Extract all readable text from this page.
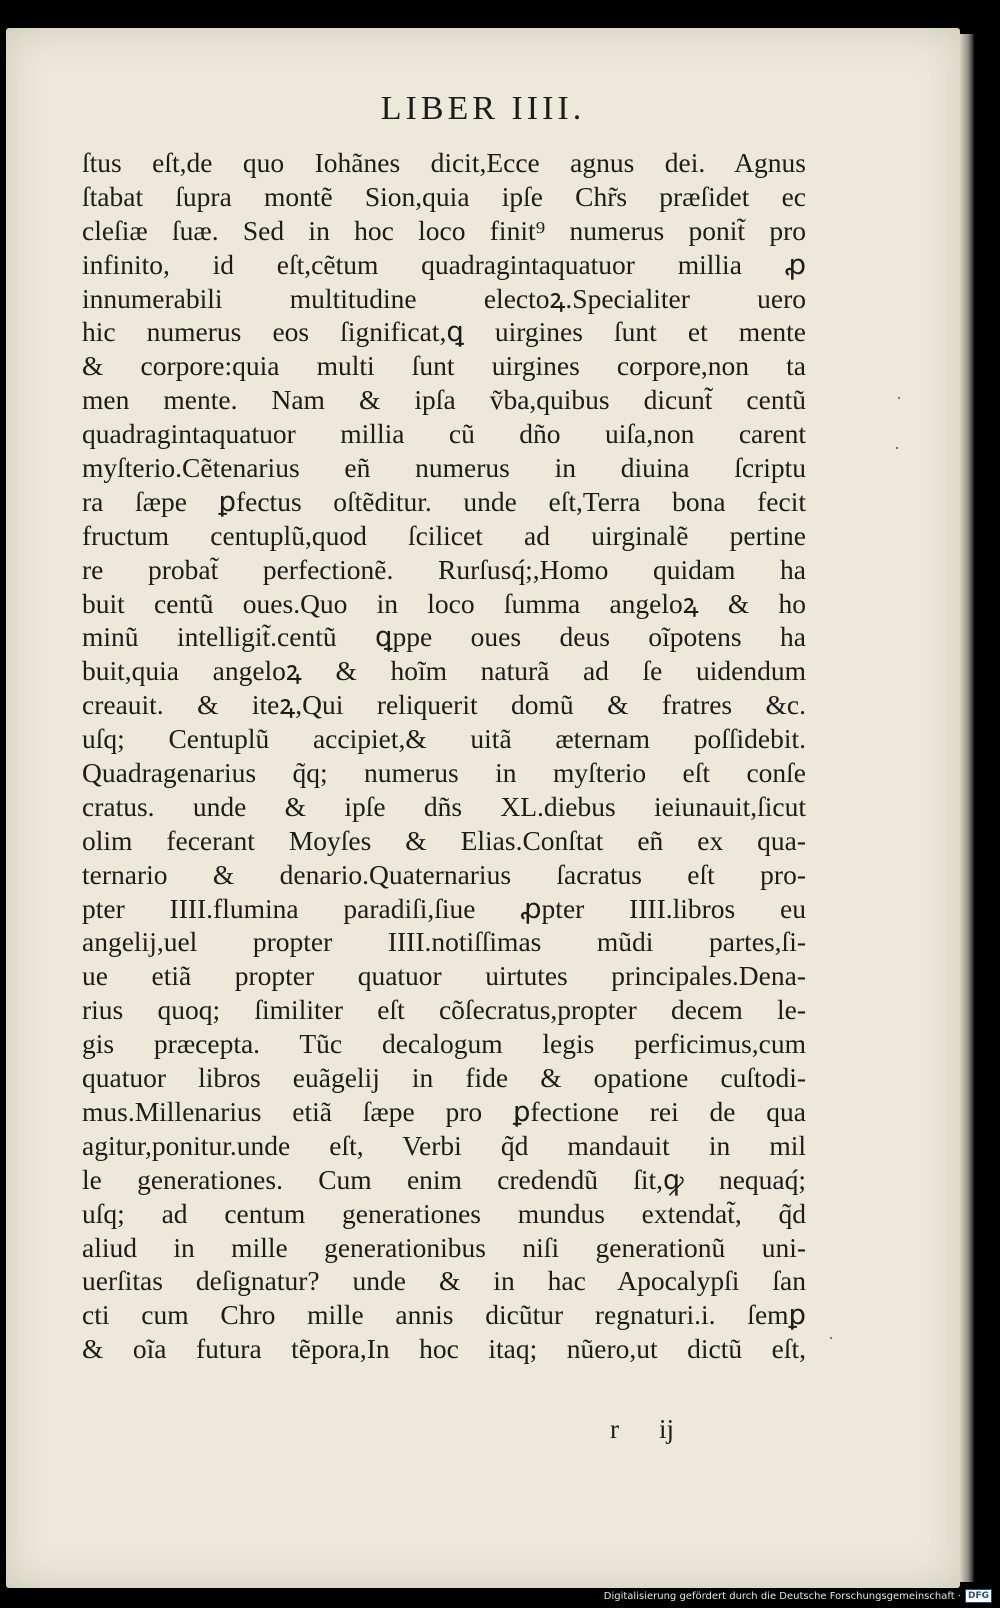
LIBER IIII.
ſtus eſt,de quo Iohãnes dicit,Ecce agnus dei. Agnus
ſtabat ſupra montẽ Sion,quia ipſe Chr̃s præſidet ec
cleſiæ ſuæ. Sed in hoc loco finit⁹ numerus ponit̃ pro
infinito, id eſt,cẽtum quadragintaquatuor millia ꝓ
innumerabili multitudine electoꝝ.Specialiter uero
hic numerus eos ſignificat,ꝗ uirgines ſunt et mente
& corpore:quia multi ſunt uirgines corpore,non ta
men mente. Nam & ipſa ṽba,quibus dicunt̃ centũ
quadragintaquatuor millia cũ dño uiſa,non carent
myſterio.Cẽtenarius eñ numerus in diuina ſcriptu
ra ſæpe ꝑfectus oſtẽditur. unde eſt,Terra bona fecit
fructum centuplũ,quod ſcilicet ad uirginalẽ pertine
re probat̃ perfectionẽ. Rurſusq́;,Homo quidam ha
buit centũ oues.Quo in loco ſumma angeloꝝ & ho
minũ intelligit̃.centũ ꝗppe oues deus oĩpotens ha
buit,quia angeloꝝ & hoĩm naturã ad ſe uidendum
creauit. & iteꝝ,Qui reliquerit domũ & fratres &c.
uſq; Centuplũ accipiet,& uitã æternam poſſidebit.
Quadragenarius q̃q; numerus in myſterio eſt conſe
cratus. unde & ipſe dñs XL.diebus ieiunauit,ſicut
olim fecerant Moyſes & Elias.Conſtat eñ ex qua-
ternario & denario.Quaternarius ſacratus eſt pro-
pter IIII.flumina paradiſi,ſiue ꝓpter IIII.libros eu
angelij,uel propter IIII.notiſſimas mũdi partes,ſi-
ue etiã propter quatuor uirtutes principales.Dena-
rius quoq; ſimiliter eſt cõſecratus,propter decem le-
gis præcepta. Tũc decalogum legis perficimus,cum
quatuor libros euãgelij in fide & opatione cuſtodi-
mus.Millenarius etiã ſæpe pro ꝑfectione rei de qua
agitur,ponitur.unde eſt, Verbi q̃d mandauit in mil
le generationes. Cum enim credendũ ſit,ꝙ nequaq́;
uſq; ad centum generationes mundus extendat̃, q̃d
aliud in mille generationibus niſi generationũ uni-
uerſitas deſignatur? unde & in hac Apocalypſi ſan
cti cum Chro mille annis dicũtur regnaturi.i. ſemꝑ
& oĩa futura tẽpora,In hoc itaq; nũero,ut dictũ eſt,
r ij
·
·
·
Digitalisierung gefördert durch die Deutsche Forschungsgemeinschaft · DFG
